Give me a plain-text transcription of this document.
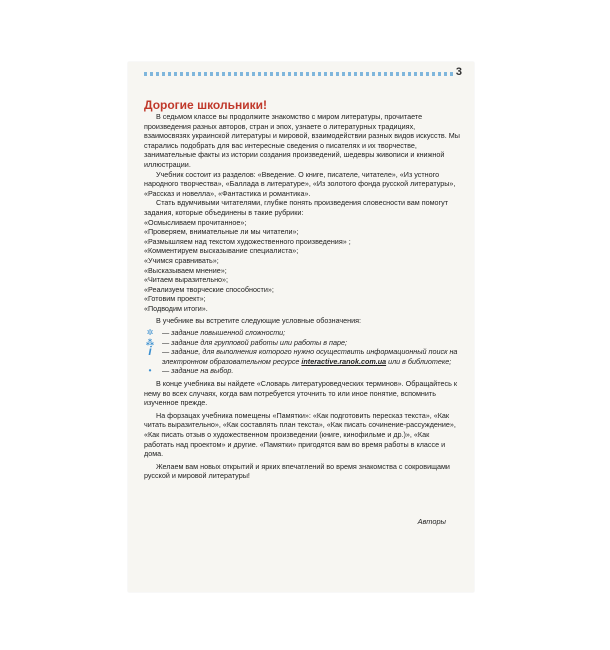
3
Дорогие школьники!

В седьмом классе вы продолжите знакомство с миром литературы, прочитаете произведения разных авторов, стран и эпох, узнаете о литературных традициях, взаимосвязях украинской литературы и мировой, взаимодействии разных видов искусств. Мы старались подобрать для вас интересные сведения о писателях и их творчестве, занимательные факты из истории создания произведений, шедевры живописи и книжной иллюстрации.

Учебник состоит из разделов: «Введение. О книге, писателе, читателе», «Из устного народного творчества», «Баллада в литературе», «Из золотого фонда русской литературы», «Рассказ и новелла», «Фантастика и романтика».

Стать вдумчивыми читателями, глубже понять произведения словесности вам помогут задания, которые объединены в такие рубрики:

«Осмысливаем прочитанное»;
«Проверяем, внимательные ли мы читатели»;
«Размышляем над текстом художественного произведения» ;
«Комментируем высказывание специалиста»;
«Учимся сравнивать»;
«Высказываем мнение»;
«Читаем выразительно»;
«Реализуем творческие способности»;
«Готовим проект»;
«Подводим итоги».

В учебнике вы встретите следующие условные обозначения:

✲	— задание повышенной сложности;
⁂ — задание для групповой работы или работы в паре;
i	— задание, для выполнения которого нужно осуществить информационный поиск на электронном образовательном ресурсе interactive.ranok.com.ua или в библиотеке;
•	— задание на выбор.

В конце учебника вы найдете «Словарь литературоведческих терминов». Обращайтесь к нему во всех случаях, когда вам потребуется уточнить то или иное понятие, вспомнить изученное прежде.

На форзацах учебника помещены «Памятки»: «Как подготовить пересказ текста», «Как читать выразительно», «Как составлять план текста», «Как писать сочинение-рассуждение», «Как писать отзыв о художественном произведении (книге, кинофильме и др.)», «Как работать над проектом» и другие. «Памятки» пригодятся вам во время работы в классе и дома.

Желаем вам новых открытий и ярких впечатлений во время знакомства с сокровищами русской и мировой литературы!

Авторы
